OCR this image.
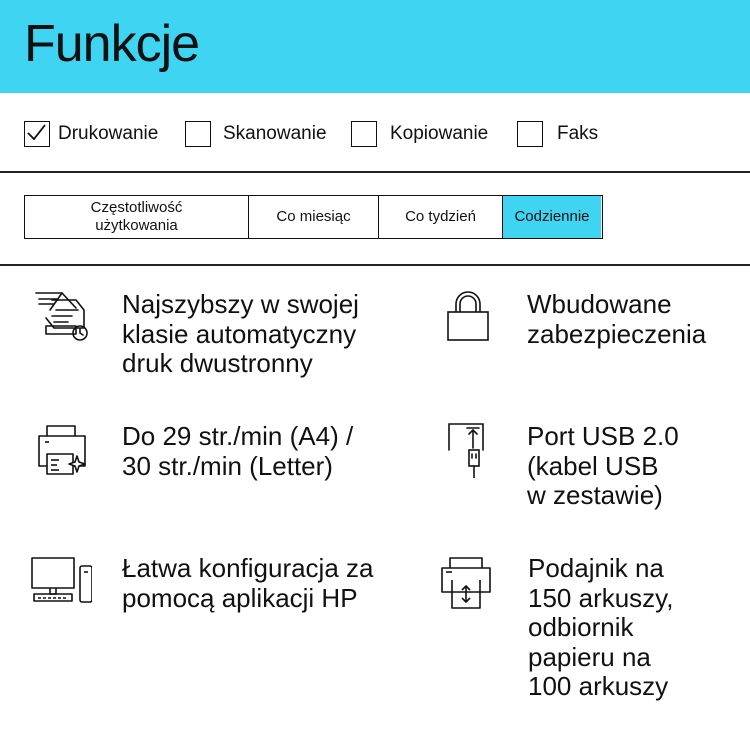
Funkcje
Drukowanie	Skanowanie	Kopiowanie	Faks
Częstotliwość
użytkowania
Co miesiąc	Co tydzień	Codziennie
Najszybszy w swojej
klasie automatyczny
druk dwustronny
Wbudowane
zabezpieczenia
Do 29 str./min (A4) /
30 str./min (Letter)
Port USB 2.0
(kabel USB
w zestawie)
Łatwa konfiguracja za
pomocą aplikacji HP
Podajnik na
150 arkuszy,
odbiornik
papieru na
100 arkuszy
